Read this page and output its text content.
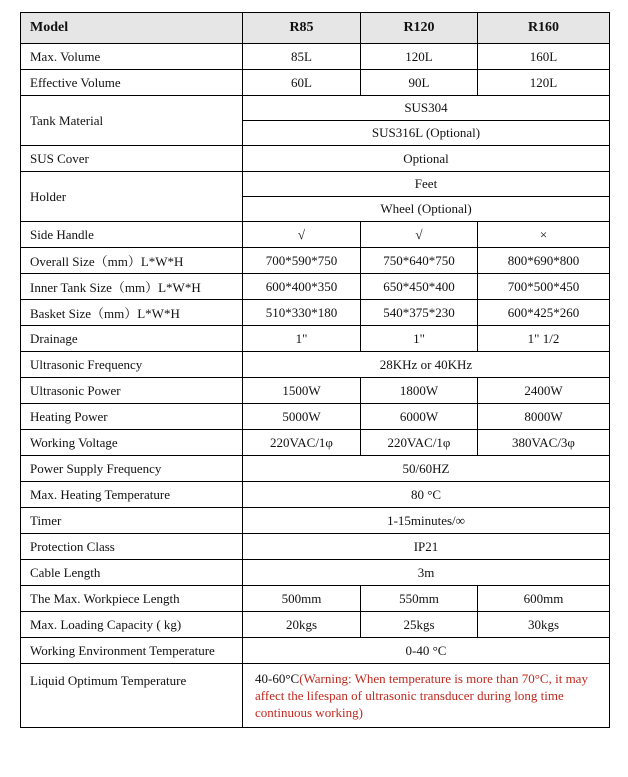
Model	R85	R120	R160
Max. Volume	85L	120L	160L
Effective Volume	60L	90L	120L
Tank Material	SUS304		
	SUS316L (Optional)		
SUS Cover	Optional		
Holder	Feet		
	Wheel (Optional)		
Side Handle	√	√	×
Overall Size（mm）L*W*H	700*590*750	750*640*750	800*690*800
Inner Tank Size（mm）L*W*H	600*400*350	650*450*400	700*500*450
Basket Size（mm）L*W*H	510*330*180	540*375*230	600*425*260
Drainage	1"	1"	1" 1/2
Ultrasonic Frequency	28KHz or 40KHz		
Ultrasonic Power	1500W	1800W	2400W
Heating Power	5000W	6000W	8000W
Working Voltage	220VAC/1φ	220VAC/1φ	380VAC/3φ
Power Supply Frequency	50/60HZ		
Max. Heating Temperature	80 °C		
Timer	1-15minutes/∞		
Protection Class	IP21		
Cable Length	3m		
The Max. Workpiece Length	500mm	550mm	600mm
Max. Loading Capacity ( kg)	20kgs	25kgs	30kgs
Working Environment Temperature	0-40 °C		
Liquid Optimum Temperature	40-60°C(Warning: When temperature is more than 70°C, it may affect the lifespan of ultrasonic transducer during long time continuous working)		
